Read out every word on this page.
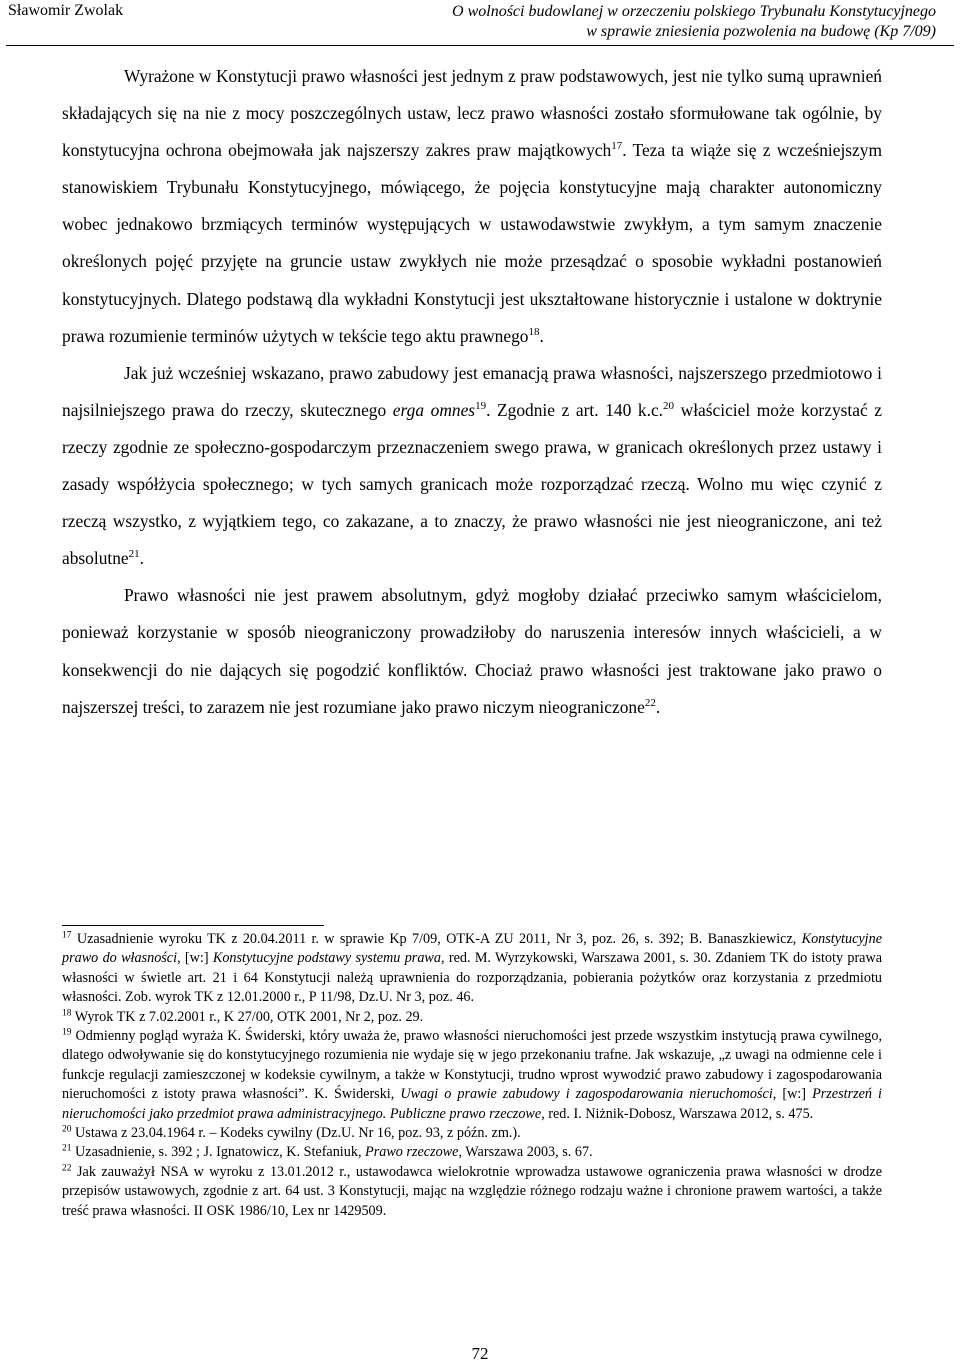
Sławomir Zwolak	O wolności budowlanej w orzeczeniu polskiego Trybunału Konstytucyjnego
w sprawie zniesienia pozwolenia na budowę (Kp 7/09)

Wyrażone w Konstytucji prawo własności jest jednym z praw podstawowych, jest nie tylko sumą uprawnień składających się na nie z mocy poszczególnych ustaw, lecz prawo własności zostało sformułowane tak ogólnie, by konstytucyjna ochrona obejmowała jak najszerszy zakres praw majątkowych$^{17}$. Teza ta wiąże się z wcześniejszym stanowiskiem Trybunału Konstytucyjnego, mówiącego, że pojęcia konstytucyjne mają charakter autonomiczny wobec jednakowo brzmiących terminów występujących w ustawodawstwie zwykłym, a tym samym znaczenie określonych pojęć przyjęte na gruncie ustaw zwykłych nie może przesądzać o sposobie wykładni postanowień konstytucyjnych. Dlatego podstawą dla wykładni Konstytucji jest ukształtowane historycznie i ustalone w doktrynie prawa rozumienie terminów użytych w tekście tego aktu prawnego$^{18}$.

Jak już wcześniej wskazano, prawo zabudowy jest emanacją prawa własności, najszerszego przedmiotowo i najsilniejszego prawa do rzeczy, skutecznego erga omnes$^{19}$. Zgodnie z art. 140 k.c.$^{20}$ właściciel może korzystać z rzeczy zgodnie ze społeczno-gospodarczym przeznaczeniem swego prawa, w granicach określonych przez ustawy i zasady współżycia społecznego; w tych samych granicach może rozporządzać rzeczą. Wolno mu więc czynić z rzeczą wszystko, z wyjątkiem tego, co zakazane, a to znaczy, że prawo własności nie jest nieograniczone, ani też absolutne$^{21}$.

Prawo własności nie jest prawem absolutnym, gdyż mogłoby działać przeciwko samym właścicielom, ponieważ korzystanie w sposób nieograniczony prowadziłoby do naruszenia interesów innych właścicieli, a w konsekwencji do nie dających się pogodzić konfliktów. Chociaż prawo własności jest traktowane jako prawo o najszerszej treści, to zarazem nie jest rozumiane jako prawo niczym nieograniczone$^{22}$.

$^{17}$ Uzasadnienie wyroku TK z 20.04.2011 r. w sprawie Kp 7/09, OTK-A ZU 2011, Nr 3, poz. 26, s. 392; B. Banaszkiewicz, Konstytucyjne prawo do własności, [w:] Konstytucyjne podstawy systemu prawa, red. M. Wyrzykowski, Warszawa 2001, s. 30. Zdaniem TK do istoty prawa własności w świetle art. 21 i 64 Konstytucji należą uprawnienia do rozporządzania, pobierania pożytków oraz korzystania z przedmiotu własności. Zob. wyrok TK z 12.01.2000 r., P 11/98, Dz.U. Nr 3, poz. 46.

$^{18}$ Wyrok TK z 7.02.2001 r., K 27/00, OTK 2001, Nr 2, poz. 29.

$^{19}$ Odmienny pogląd wyraża K. Świderski, który uważa że, prawo własności nieruchomości jest przede wszystkim instytucją prawa cywilnego, dlatego odwoływanie się do konstytucyjnego rozumienia nie wydaje się w jego przekonaniu trafne. Jak wskazuje, „z uwagi na odmienne cele i funkcje regulacji zamieszczonej w kodeksie cywilnym, a także w Konstytucji, trudno wprost wywodzić prawo zabudowy i zagospodarowania nieruchomości z istoty prawa własności”. K. Świderski, Uwagi o prawie zabudowy i zagospodarowania nieruchomości, [w:] Przestrzeń i nieruchomości jako przedmiot prawa administracyjnego. Publiczne prawo rzeczowe, red. I. Niżnik-Dobosz, Warszawa 2012, s. 475.

$^{20}$ Ustawa z 23.04.1964 r. – Kodeks cywilny (Dz.U. Nr 16, poz. 93, z późn. zm.).

$^{21}$ Uzasadnienie, s. 392 ; J. Ignatowicz, K. Stefaniuk, Prawo rzeczowe, Warszawa 2003, s. 67.

$^{22}$ Jak zauważył NSA w wyroku z 13.01.2012 r., ustawodawca wielokrotnie wprowadza ustawowe ograniczenia prawa własności w drodze przepisów ustawowych, zgodnie z art. 64 ust. 3 Konstytucji, mając na względzie różnego rodzaju ważne i chronione prawem wartości, a także treść prawa własności. II OSK 1986/10, Lex nr 1429509.

72
